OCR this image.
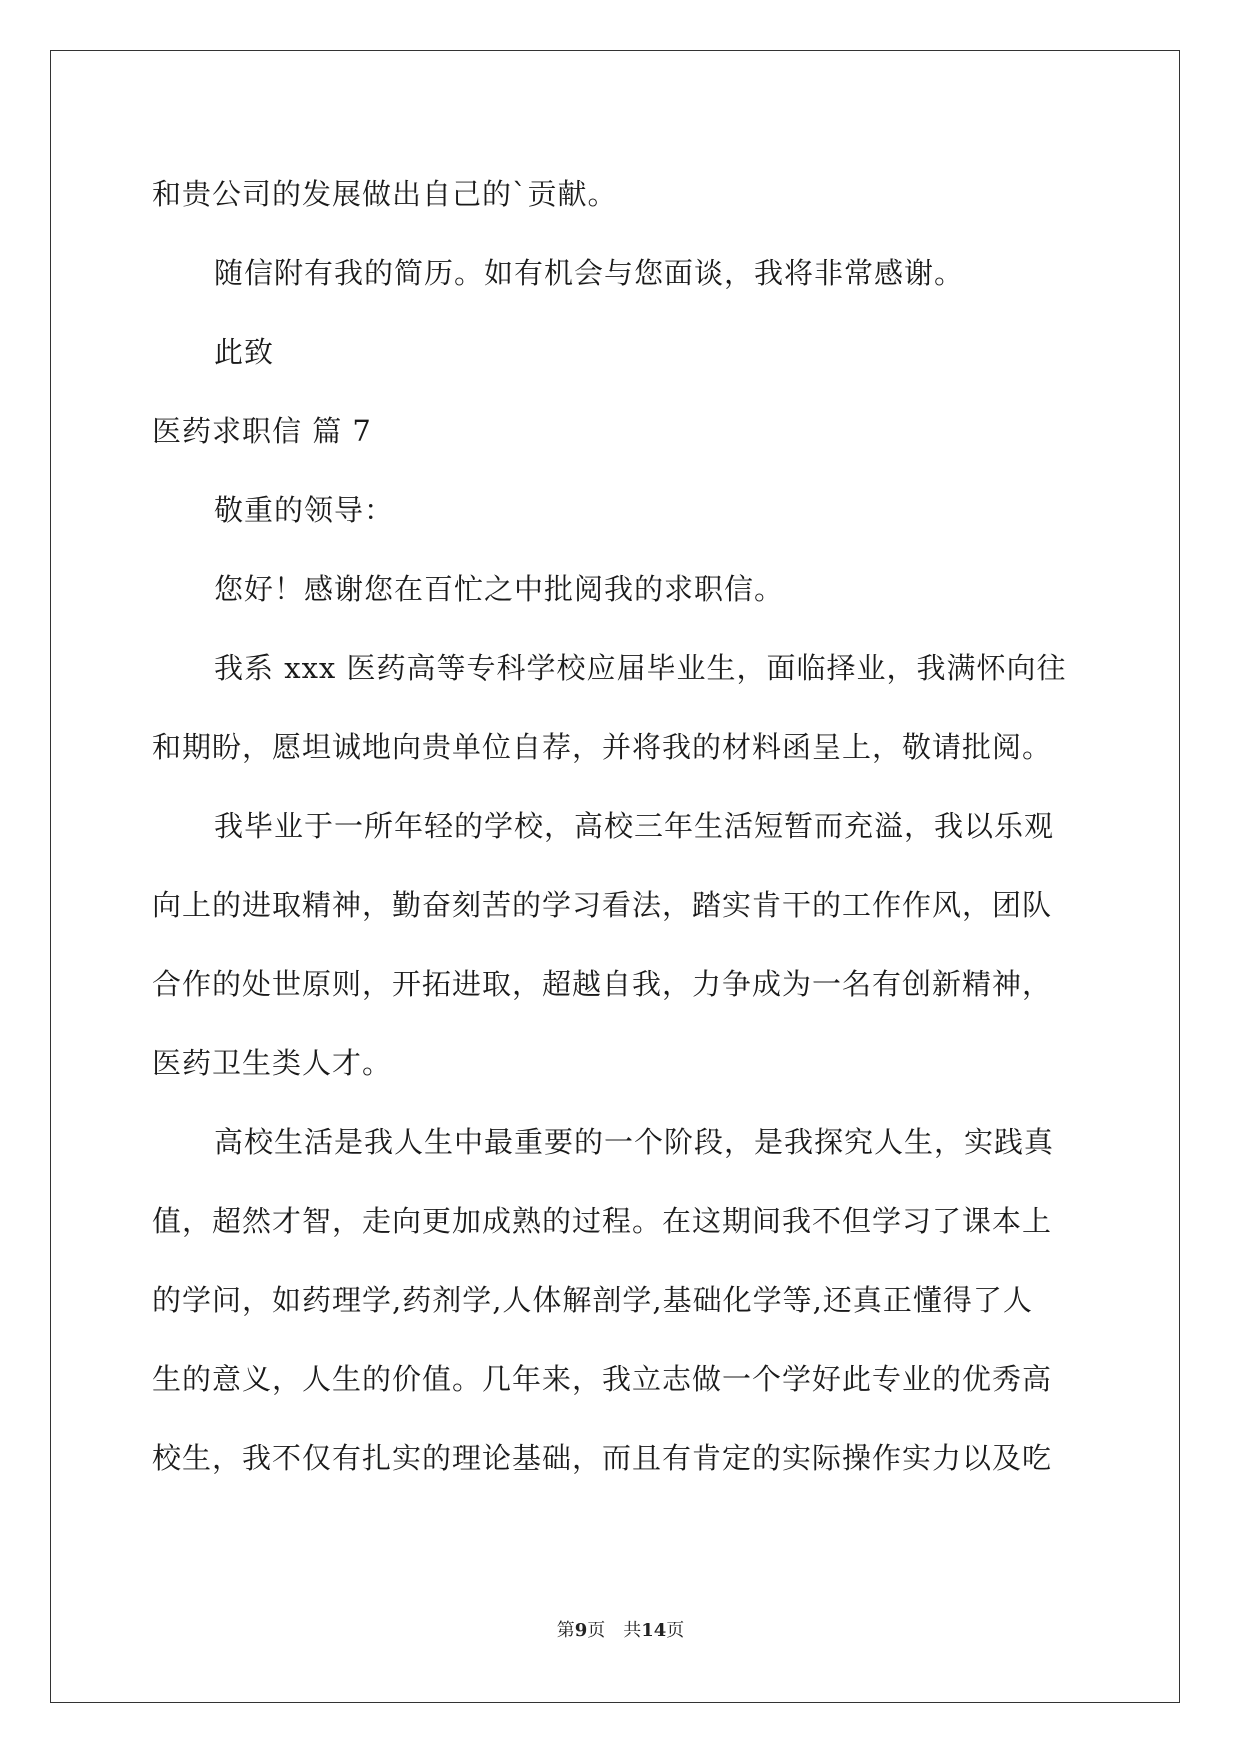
和贵公司的发展做出自己的`贡献。
随信附有我的简历。如有机会与您面谈，我将非常感谢。
此致
医药求职信 篇 7
敬重的领导：
您好！感谢您在百忙之中批阅我的求职信。
我系 xxx 医药高等专科学校应届毕业生，面临择业，我满怀向往
和期盼，愿坦诚地向贵单位自荐，并将我的材料函呈上，敬请批阅。
我毕业于一所年轻的学校，高校三年生活短暂而充溢，我以乐观
向上的进取精神，勤奋刻苦的学习看法，踏实肯干的工作作风，团队
合作的处世原则，开拓进取，超越自我，力争成为一名有创新精神，
医药卫生类人才。
高校生活是我人生中最重要的一个阶段，是我探究人生，实践真
值，超然才智，走向更加成熟的过程。在这期间我不但学习了课本上
的学问，如药理学,药剂学,人体解剖学,基础化学等,还真正懂得了人
生的意义，人生的价值。几年来，我立志做一个学好此专业的优秀高
校生，我不仅有扎实的理论基础，而且有肯定的实际操作实力以及吃
第9页 共14页
